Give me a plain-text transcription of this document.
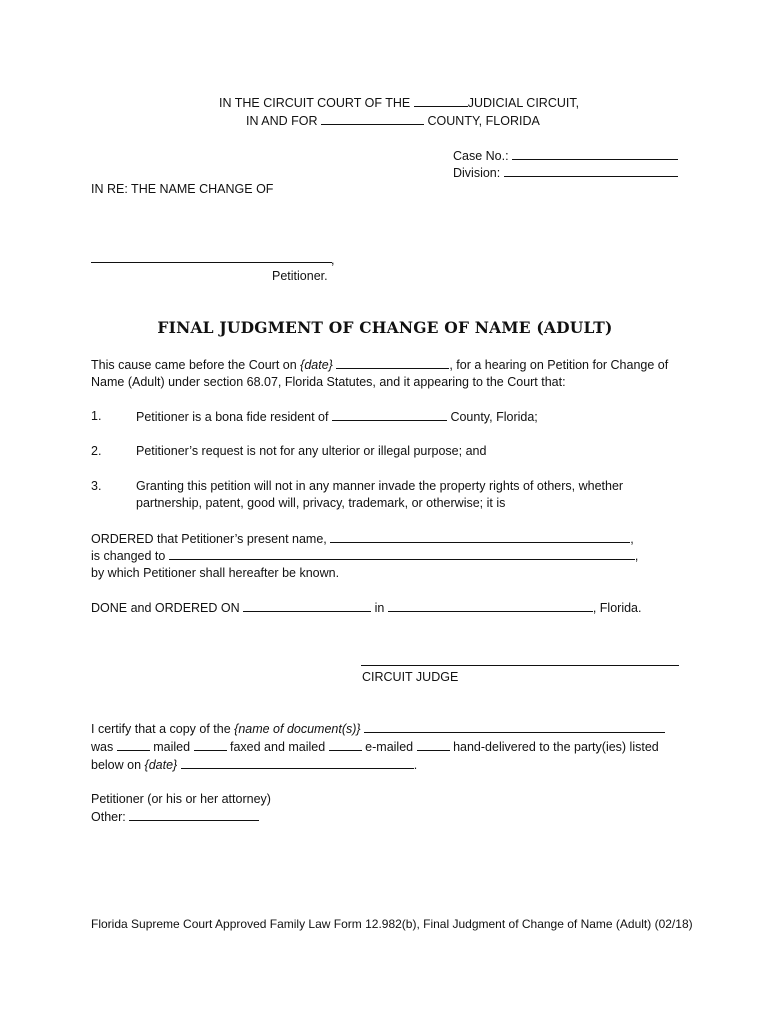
IN THE CIRCUIT COURT OF THE	JUDICIAL CIRCUIT,
IN AND FOR	COUNTY, FLORIDA
Case No.:
Division:
IN RE: THE NAME CHANGE OF
,
Petitioner.
FINAL JUDGMENT OF CHANGE OF NAME (ADULT)
This cause came before the Court on {date}	, for a hearing on Petition for Change of
Name (Adult) under section 68.07, Florida Statutes, and it appearing to the Court that:
1.	Petitioner is a bona fide resident of	County, Florida;
2.	Petitioner’s request is not for any ulterior or illegal purpose; and
3.	Granting this petition will not in any manner invade the property rights of others, whether
partnership, patent, good will, privacy, trademark, or otherwise; it is
ORDERED that Petitioner’s present name,	,
is changed to	,
by which Petitioner shall hereafter be known.
DONE and ORDERED ON	in	, Florida.
CIRCUIT JUDGE
I certify that a copy of the {name of document(s)}
was	mailed	faxed and mailed	e-mailed	hand-delivered to the party(ies) listed
below on {date}	.
Petitioner (or his or her attorney)
Other:
Florida Supreme Court Approved Family Law Form 12.982(b), Final Judgment of Change of Name (Adult) (02/18)
